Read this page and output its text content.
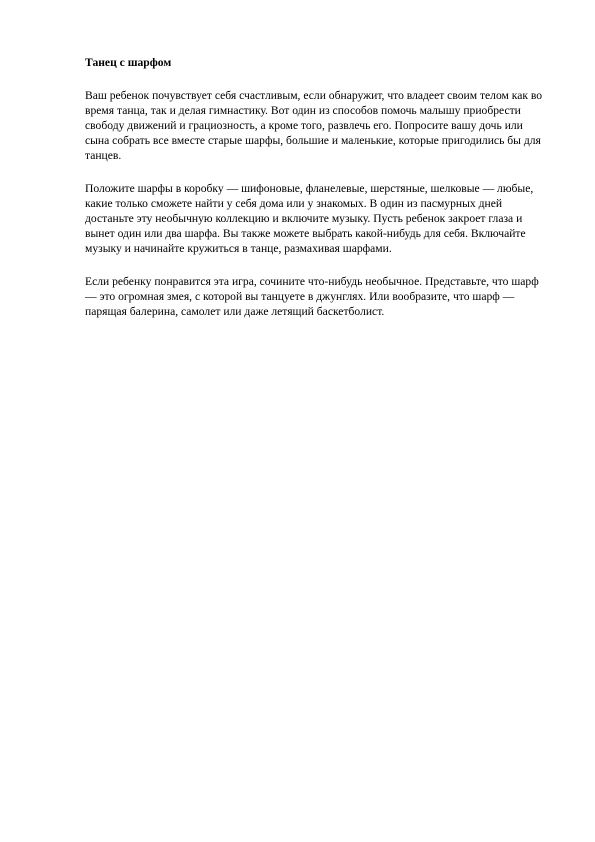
Танец с шарфом

Ваш ребенок почувствует себя счастливым, если обнаружит, что владеет своим телом как во время танца, так и делая гимнастику. Вот один из способов помочь малышу приобрести свободу движений и грациозность, а кроме того, развлечь его. Попросите вашу дочь или сына собрать все вместе старые шарфы, большие и маленькие, которые пригодились бы для танцев.

Положите шарфы в коробку — шифоновые, фланелевые, шерстяные, шелковые — любые, какие только сможете найти у себя дома или у знакомых. В один из пасмурных дней достаньте эту необычную коллекцию и включите музыку. Пусть ребенок закроет глаза и вынет один или два шарфа. Вы также можете выбрать какой-нибудь для себя. Включайте музыку и начинайте кружиться в танце, размахивая шарфами.

Если ребенку понравится эта игра, сочините что-нибудь необычное. Представьте, что шарф — это огромная змея, с которой вы танцуете в джунглях. Или вообразите, что шарф — парящая балерина, самолет или даже летящий баскетболист.
